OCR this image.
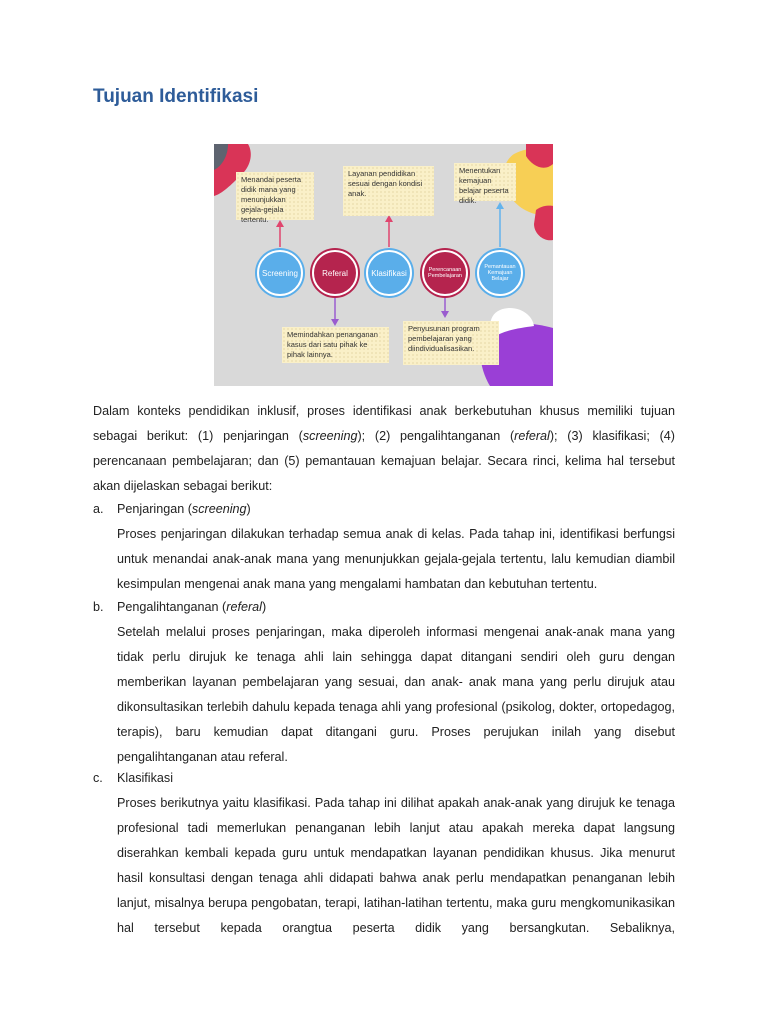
Tujuan Identifikasi
Menandai peserta didik mana yang menunjukkan gejala-gejala tertentu.
Layanan pendidikan sesuai dengan kondisi anak.
Menentukan kemajuan belajar peserta didik.
Memindahkan penanganan kasus dari satu pihak ke pihak lainnya.
Penyusunan program pembelajaran yang diindividualisasikan.
Screening	Referal	Klasifikasi	Perencanaan Pembelajaran
Pemantauan Kemajuan Belajar

Dalam konteks pendidikan inklusif, proses identifikasi anak berkebutuhan khusus memiliki tujuan sebagai berikut: (1) penjaringan (screening); (2) pengalihtanganan (referal); (3) klasifikasi; (4) perencanaan pembelajaran; dan (5) pemantauan kemajuan belajar. Secara rinci, kelima hal tersebut akan dijelaskan sebagai berikut:

a. Penjaringan (screening)

Proses penjaringan dilakukan terhadap semua anak di kelas. Pada tahap ini, identifikasi berfungsi untuk menandai anak-anak mana yang menunjukkan gejala-gejala tertentu, lalu kemudian diambil kesimpulan mengenai anak mana yang mengalami hambatan dan kebutuhan tertentu.

b. Pengalihtanganan (referal)

Setelah melalui proses penjaringan, maka diperoleh informasi mengenai anak-anak mana yang tidak perlu dirujuk ke tenaga ahli lain sehingga dapat ditangani sendiri oleh guru dengan memberikan layanan pembelajaran yang sesuai, dan anak- anak mana yang perlu dirujuk atau dikonsultasikan terlebih dahulu kepada tenaga ahli yang profesional (psikolog, dokter, ortopedagog, terapis), baru kemudian dapat ditangani guru. Proses perujukan inilah yang disebut pengalihtanganan atau referal.

c. Klasifikasi

Proses berikutnya yaitu klasifikasi. Pada tahap ini dilihat apakah anak-anak yang dirujuk ke tenaga profesional tadi memerlukan penanganan lebih lanjut atau apakah mereka dapat langsung diserahkan kembali kepada guru untuk mendapatkan layanan pendidikan khusus. Jika menurut hasil konsultasi dengan tenaga ahli didapati bahwa anak perlu mendapatkan penanganan lebih lanjut, misalnya berupa pengobatan, terapi, latihan-latihan tertentu, maka guru mengkomunikasikan hal tersebut kepada orangtua peserta didik yang bersangkutan. Sebaliknya,
